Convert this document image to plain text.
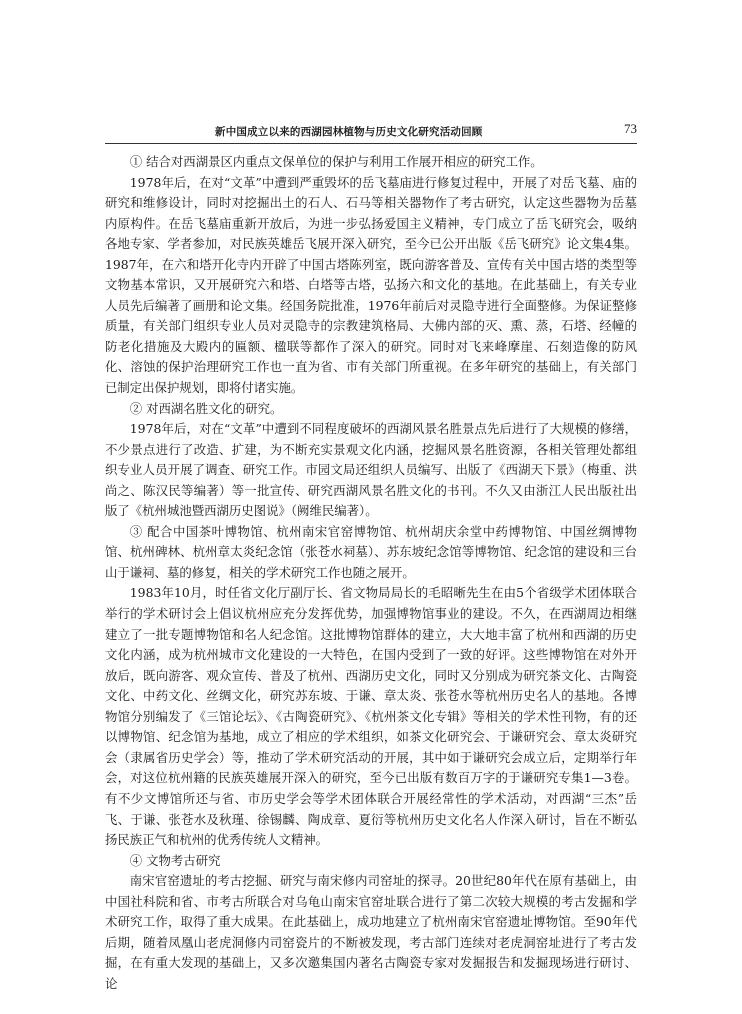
新中国成立以来的西湖园林植物与历史文化研究活动回顾	73

① 结合对西湖景区内重点文保单位的保护与利用工作展开相应的研究工作。

1978年后，在对“文革”中遭到严重毁坏的岳飞墓庙进行修复过程中，开展了对岳飞墓、庙的研究和维修设计，同时对挖掘出土的石人、石马等相关器物作了考古研究，认定这些器物为岳墓内原构件。在岳飞墓庙重新开放后，为进一步弘扬爱国主义精神，专门成立了岳飞研究会，吸纳各地专家、学者参加，对民族英雄岳飞展开深入研究，至今已公开出版《岳飞研究》论文集4集。1987年，在六和塔开化寺内开辟了中国古塔陈列室，既向游客普及、宣传有关中国古塔的类型等文物基本常识，又开展研究六和塔、白塔等古塔，弘扬六和文化的基地。在此基础上，有关专业人员先后编著了画册和论文集。经国务院批准，1976年前后对灵隐寺进行全面整修。为保证整修质量，有关部门组织专业人员对灵隐寺的宗教建筑格局、大佛内部的灭、熏、蒸，石塔、经幢的防老化措施及大殿内的匾额、楹联等都作了深入的研究。同时对飞来峰摩崖、石刻造像的防风化、溶蚀的保护治理研究工作也一直为省、市有关部门所重视。在多年研究的基础上，有关部门已制定出保护规划，即将付诸实施。

② 对西湖名胜文化的研究。

1978年后，对在“文革”中遭到不同程度破坏的西湖风景名胜景点先后进行了大规模的修缮，不少景点进行了改造、扩建，为不断充实景观文化内涵，挖掘风景名胜资源，各相关管理处都组织专业人员开展了调查、研究工作。市园文局还组织人员编写、出版了《西湖天下景》（梅重、洪尚之、陈汉民等编著）等一批宣传、研究西湖风景名胜文化的书刊。不久又由浙江人民出版社出版了《杭州城池暨西湖历史图说》（阙维民编著）。

③ 配合中国茶叶博物馆、杭州南宋官窑博物馆、杭州胡庆余堂中药博物馆、中国丝绸博物馆、杭州碑林、杭州章太炎纪念馆（张苍水祠墓）、苏东坡纪念馆等博物馆、纪念馆的建设和三台山于谦祠、墓的修复，相关的学术研究工作也随之展开。

1983年10月，时任省文化厅副厅长、省文物局局长的毛昭晰先生在由5个省级学术团体联合举行的学术研讨会上倡议杭州应充分发挥优势，加强博物馆事业的建设。不久，在西湖周边相继建立了一批专题博物馆和名人纪念馆。这批博物馆群体的建立，大大地丰富了杭州和西湖的历史文化内涵，成为杭州城市文化建设的一大特色，在国内受到了一致的好评。这些博物馆在对外开放后，既向游客、观众宣传、普及了杭州、西湖历史文化，同时又分别成为研究茶文化、古陶瓷文化、中药文化、丝绸文化，研究苏东坡、于谦、章太炎、张苍水等杭州历史名人的基地。各博物馆分别编发了《三馆论坛》、《古陶瓷研究》、《杭州茶文化专辑》等相关的学术性刊物，有的还以博物馆、纪念馆为基地，成立了相应的学术组织，如茶文化研究会、于谦研究会、章太炎研究会（隶属省历史学会）等，推动了学术研究活动的开展，其中如于谦研究会成立后，定期举行年会，对这位杭州籍的民族英雄展开深入的研究，至今已出版有数百万字的于谦研究专集1—3卷。有不少文博馆所还与省、市历史学会等学术团体联合开展经常性的学术活动，对西湖“三杰”岳飞、于谦、张苍水及秋瑾、徐锡麟、陶成章、夏衍等杭州历史文化名人作深入研讨，旨在不断弘扬民族正气和杭州的优秀传统人文精神。

④ 文物考古研究

南宋官窑遗址的考古挖掘、研究与南宋修内司窑址的探寻。20世纪80年代在原有基础上，由中国社科院和省、市考古所联合对乌龟山南宋官窑址联合进行了第二次较大规模的考古发掘和学术研究工作，取得了重大成果。在此基础上，成功地建立了杭州南宋官窑遗址博物馆。至90年代后期，随着凤凰山老虎洞修内司窑瓷片的不断被发现，考古部门连续对老虎洞窑址进行了考古发掘，在有重大发现的基础上，又多次邀集国内著名古陶瓷专家对发掘报告和发掘现场进行研讨、论
